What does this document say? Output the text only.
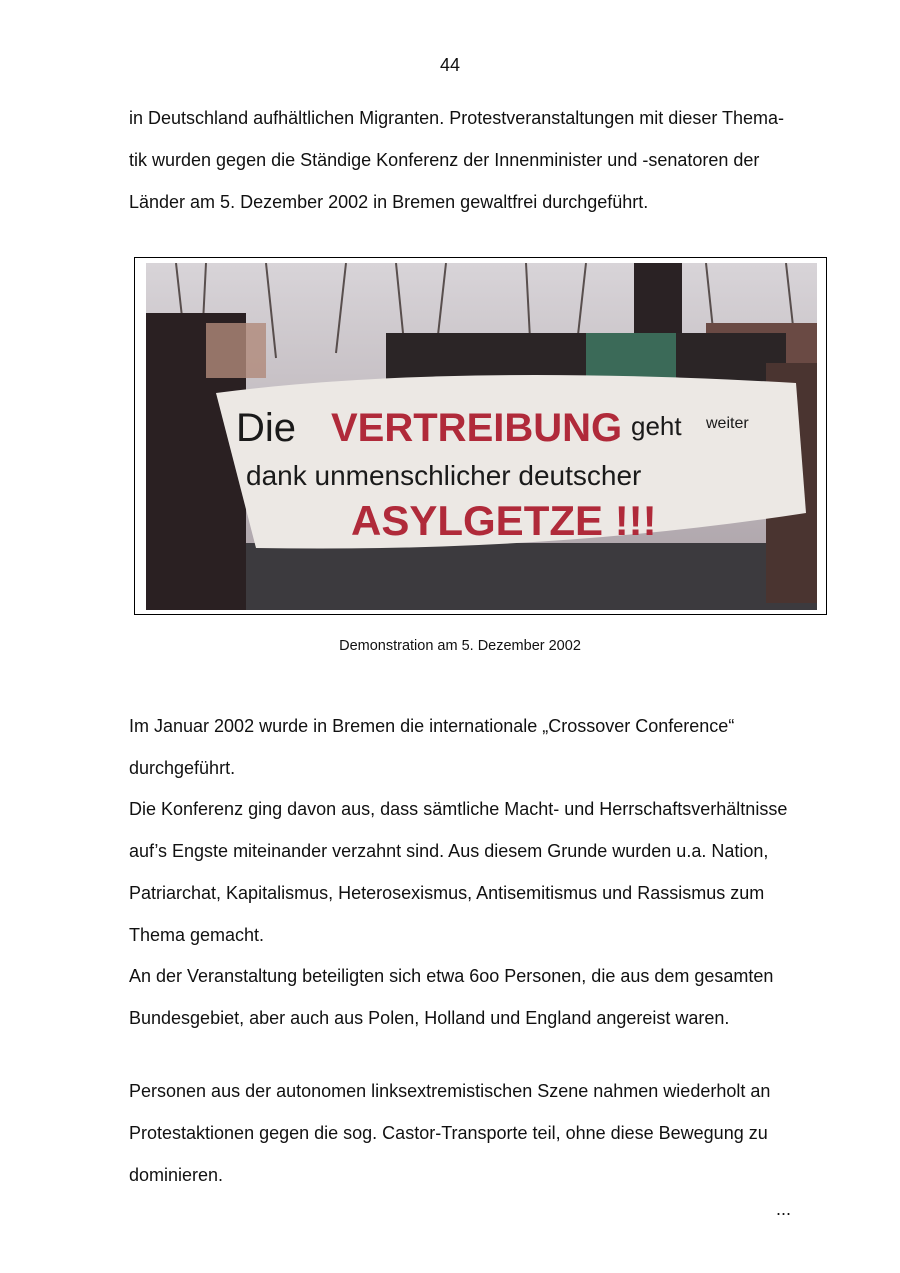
44
in Deutschland aufhältlichen Migranten. Protestveranstaltungen mit dieser Thema-
tik wurden gegen die Ständige Konferenz der Innenminister und -senatoren der
Länder am 5. Dezember 2002 in Bremen gewaltfrei durchgeführt.
Die VERTREIBUNG geht weiter
dank unmenschlicher deutscher
ASYLGETZE !!!
Demonstration am 5. Dezember 2002
Im Januar 2002 wurde in Bremen die internationale „Crossover Conference“
durchgeführt.
Die Konferenz ging davon aus, dass sämtliche Macht- und Herrschaftsverhältnisse
auf’s Engste miteinander verzahnt sind. Aus diesem Grunde wurden u.a. Nation,
Patriarchat, Kapitalismus, Heterosexismus, Antisemitismus und Rassismus zum
Thema gemacht.
An der Veranstaltung beteiligten sich etwa 6oo Personen, die aus dem gesamten
Bundesgebiet, aber auch aus Polen, Holland und England angereist waren.
Personen aus der autonomen linksextremistischen Szene nahmen wiederholt an
Protestaktionen gegen die sog. Castor-Transporte teil, ohne diese Bewegung zu
dominieren.
...
